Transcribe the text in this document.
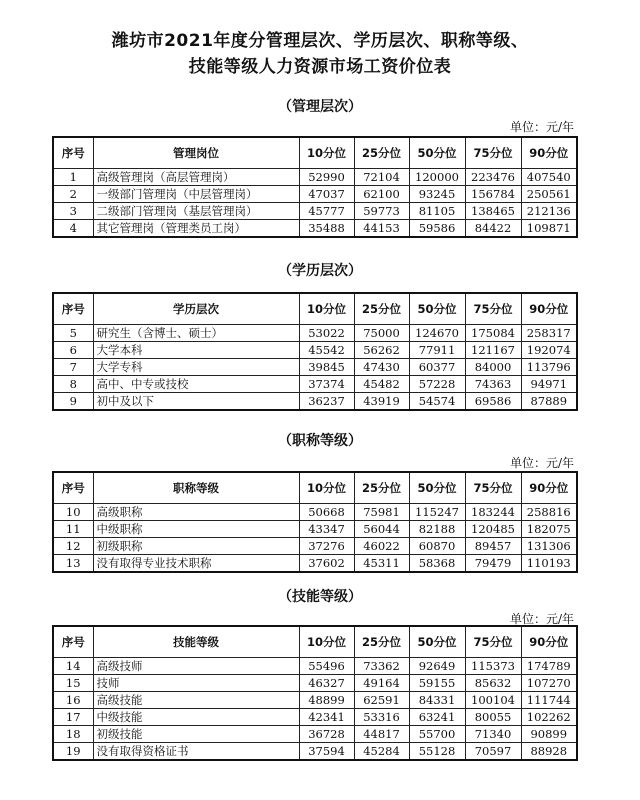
潍坊市2021年度分管理层次、学历层次、职称等级、
技能等级人力资源市场工资价位表
（管理层次）
单位：元/年
序号	管理岗位	10分位	25分位	50分位	75分位	90分位
1	高级管理岗（高层管理岗）	52990	72104	120000	223476	407540
2	一级部门管理岗（中层管理岗）	47037	62100	93245	156784	250561
3	二级部门管理岗（基层管理岗）	45777	59773	81105	138465	212136
4	其它管理岗（管理类员工岗）	35488	44153	59586	84422	109871
（学历层次）
序号	学历层次	10分位	25分位	50分位	75分位	90分位
5	研究生（含博士、硕士）	53022	75000	124670	175084	258317
6	大学本科	45542	56262	77911	121167	192074
7	大学专科	39845	47430	60377	84000	113796
8	高中、中专或技校	37374	45482	57228	74363	94971
9	初中及以下	36237	43919	54574	69586	87889
（职称等级）
单位：元/年
序号	职称等级	10分位	25分位	50分位	75分位	90分位
10	高级职称	50668	75981	115247	183244	258816
11	中级职称	43347	56044	82188	120485	182075
12	初级职称	37276	46022	60870	89457	131306
13	没有取得专业技术职称	37602	45311	58368	79479	110193
（技能等级）
单位：元/年
序号	技能等级	10分位	25分位	50分位	75分位	90分位
14	高级技师	55496	73362	92649	115373	174789
15	技师	46327	49164	59155	85632	107270
16	高级技能	48899	62591	84331	100104	111744
17	中级技能	42341	53316	63241	80055	102262
18	初级技能	36728	44817	55700	71340	90899
19	没有取得资格证书	37594	45284	55128	70597	88928
